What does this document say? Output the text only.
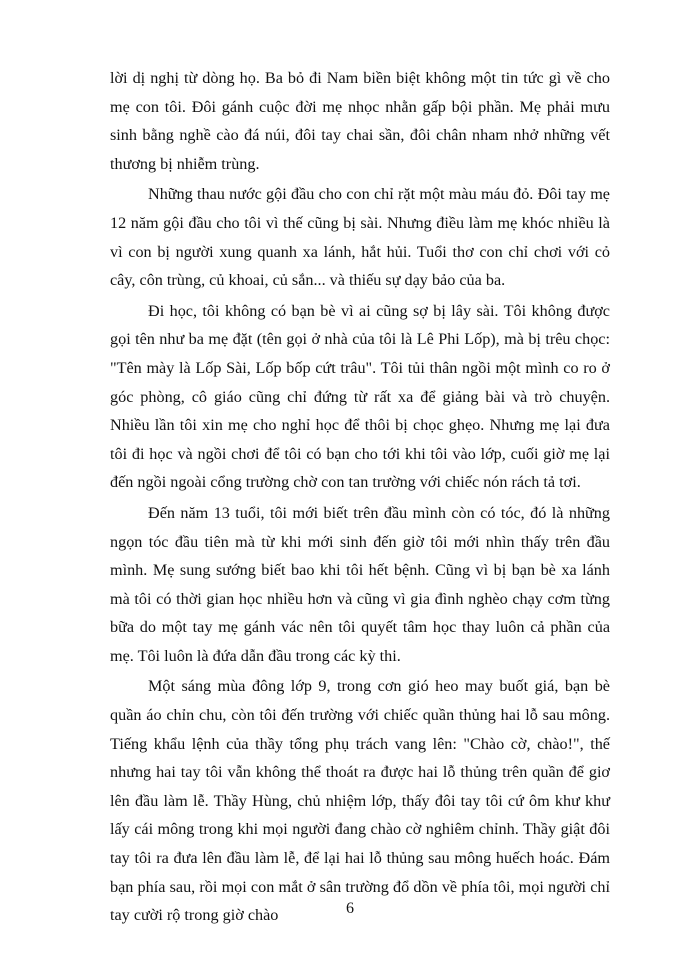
lời dị nghị từ dòng họ. Ba bỏ đi Nam biền biệt không một tin tức gì về cho mẹ con tôi. Đôi gánh cuộc đời mẹ nhọc nhằn gấp bội phần. Mẹ phải mưu sinh bằng nghề cào đá núi, đôi tay chai sần, đôi chân nham nhở những vết thương bị nhiễm trùng.

Những thau nước gội đầu cho con chỉ rặt một màu máu đỏ. Đôi tay mẹ 12 năm gội đầu cho tôi vì thế cũng bị sài. Nhưng điều làm mẹ khóc nhiều là vì con bị người xung quanh xa lánh, hắt hủi. Tuổi thơ con chỉ chơi với cỏ cây, côn trùng, củ khoai, củ sắn... và thiếu sự dạy bảo của ba.

Đi học, tôi không có bạn bè vì ai cũng sợ bị lây sài. Tôi không được gọi tên như ba mẹ đặt (tên gọi ở nhà của tôi là Lê Phi Lốp), mà bị trêu chọc: "Tên mày là Lốp Sài, Lốp bốp cứt trâu". Tôi tủi thân ngồi một mình co ro ở góc phòng, cô giáo cũng chỉ đứng từ rất xa để giảng bài và trò chuyện. Nhiều lần tôi xin mẹ cho nghỉ học để thôi bị chọc ghẹo. Nhưng mẹ lại đưa tôi đi học và ngồi chơi để tôi có bạn cho tới khi tôi vào lớp, cuối giờ mẹ lại đến ngồi ngoài cổng trường chờ con tan trường với chiếc nón rách tả tơi.

Đến năm 13 tuổi, tôi mới biết trên đầu mình còn có tóc, đó là những ngọn tóc đầu tiên mà từ khi mới sinh đến giờ tôi mới nhìn thấy trên đầu mình. Mẹ sung sướng biết bao khi tôi hết bệnh. Cũng vì bị bạn bè xa lánh mà tôi có thời gian học nhiều hơn và cũng vì gia đình nghèo chạy cơm từng bữa do một tay mẹ gánh vác nên tôi quyết tâm học thay luôn cả phần của mẹ. Tôi luôn là đứa dẫn đầu trong các kỳ thi.

Một sáng mùa đông lớp 9, trong cơn gió heo may buốt giá, bạn bè quần áo chỉn chu, còn tôi đến trường với chiếc quần thủng hai lỗ sau mông. Tiếng khẩu lệnh của thầy tổng phụ trách vang lên: "Chào cờ, chào!", thế nhưng hai tay tôi vẫn không thể thoát ra được hai lỗ thủng trên quần để giơ lên đầu làm lễ. Thầy Hùng, chủ nhiệm lớp, thấy đôi tay tôi cứ ôm khư khư lấy cái mông trong khi mọi người đang chào cờ nghiêm chỉnh. Thầy giật đôi tay tôi ra đưa lên đầu làm lễ, để lại hai lỗ thủng sau mông huếch hoác. Đám bạn phía sau, rồi mọi con mắt ở sân trường đổ dồn về phía tôi, mọi người chỉ tay cười rộ trong giờ chào	6
